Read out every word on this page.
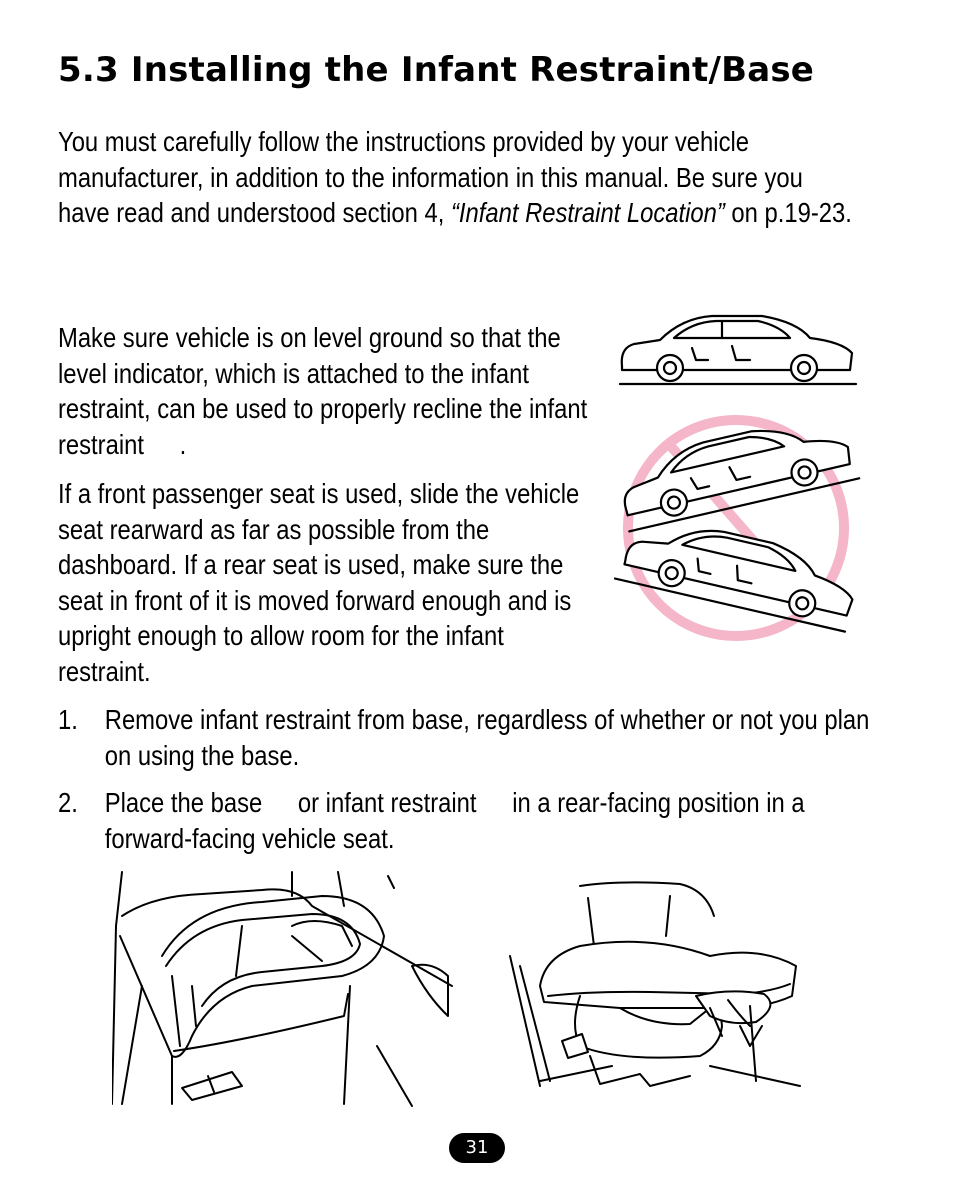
5.3 Installing the Infant Restraint/Base
You must carefully follow the instructions provided by your vehicle manufacturer, in addition to the information in this manual. Be sure you have read and understood section 4, “Infant Restraint Location” on p.19-23.
Make sure vehicle is on level ground so that the level indicator, which is attached to the infant restraint, can be used to properly recline the infant restraint .
If a front passenger seat is used, slide the vehicle seat rearward as far as possible from the dashboard. If a rear seat is used, make sure the seat in front of it is moved forward enough and is upright enough to allow room for the infant restraint.
1. Remove infant restraint from base, regardless of whether or not you plan on using the base.
2. Place the base or infant restraint in a rear-facing position in a forward-facing vehicle seat.
31
